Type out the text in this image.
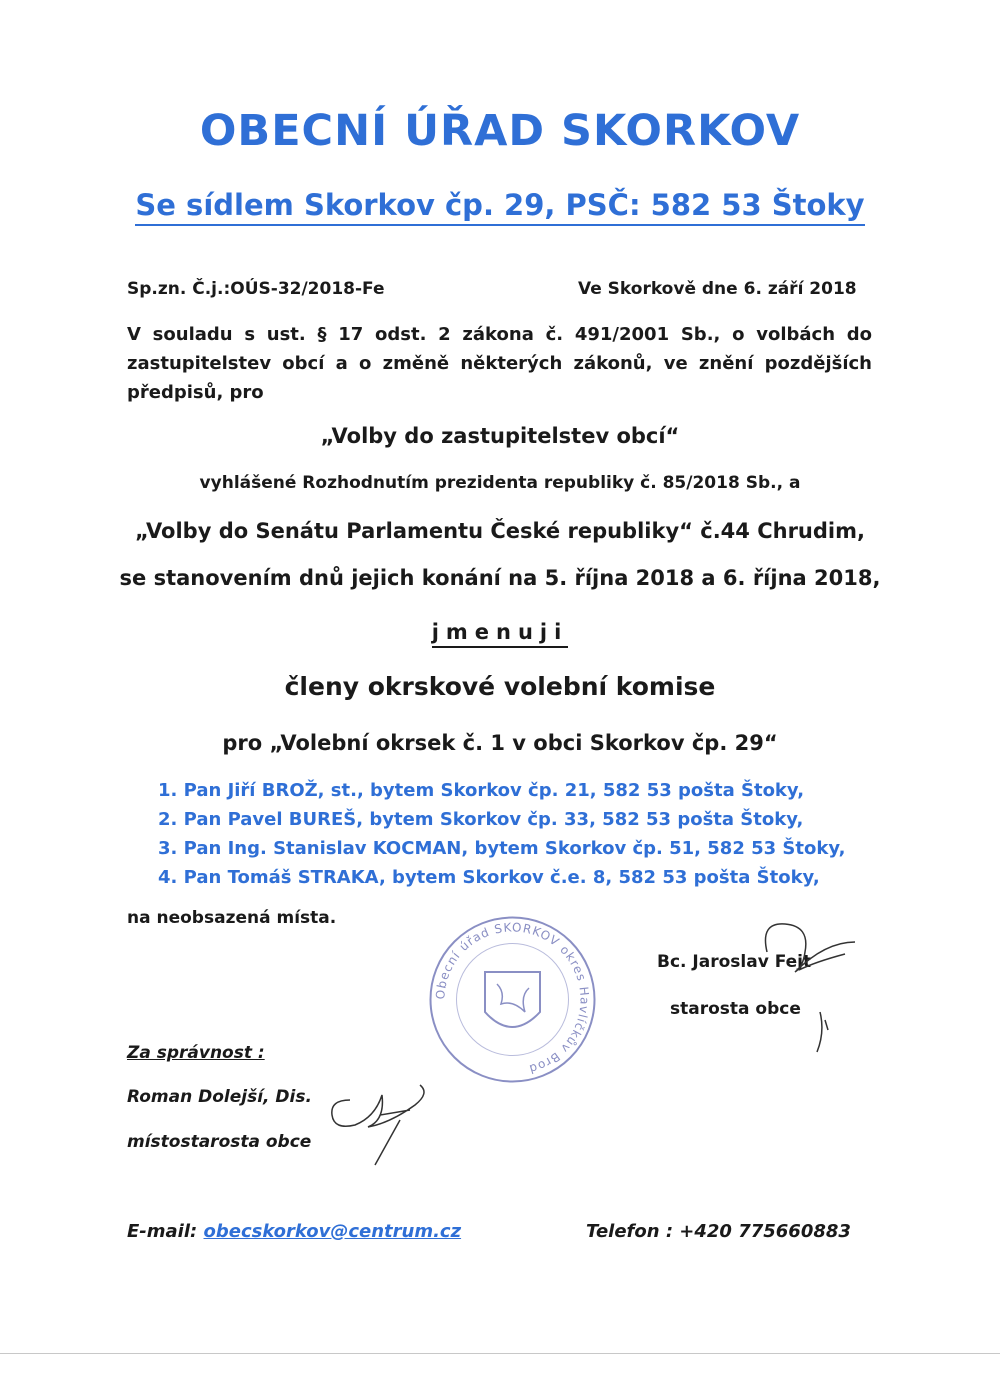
OBECNÍ ÚŘAD SKORKOV
Se sídlem Skorkov čp. 29, PSČ: 582 53 Štoky
Sp.zn. Č.j.:OÚS-32/2018-Fe	Ve Skorkově dne 6. září 2018
V souladu s ust. § 17 odst. 2 zákona č. 491/2001 Sb., o volbách do zastupitelstev obcí a o změně některých zákonů, ve znění pozdějších předpisů, pro
„Volby do zastupitelstev obcí“
vyhlášené Rozhodnutím prezidenta republiky č. 85/2018 Sb., a
„Volby do Senátu Parlamentu České republiky“ č.44 Chrudim,
se stanovením dnů jejich konání na 5. října 2018 a 6. října 2018,
jmenuji
členy okrskové volební komise
pro „Volební okrsek č. 1 v obci Skorkov čp. 29“
1. Pan Jiří BROŽ, st., bytem Skorkov čp. 21, 582 53 pošta Štoky,
2. Pan Pavel BUREŠ, bytem Skorkov čp. 33, 582 53 pošta Štoky,
3. Pan Ing. Stanislav KOCMAN, bytem Skorkov čp. 51, 582 53 Štoky,
4. Pan Tomáš STRAKA, bytem Skorkov č.e. 8, 582 53 pošta Štoky,
na neobsazená místa.
Obecní úřad SKORKOV okres Havlíčkův Brod
Bc. Jaroslav Fejt
starosta obce
Za správnost :
Roman Dolejší, Dis.
místostarosta obce
E-mail: obecskorkov@centrum.cz	Telefon : +420 775660883
